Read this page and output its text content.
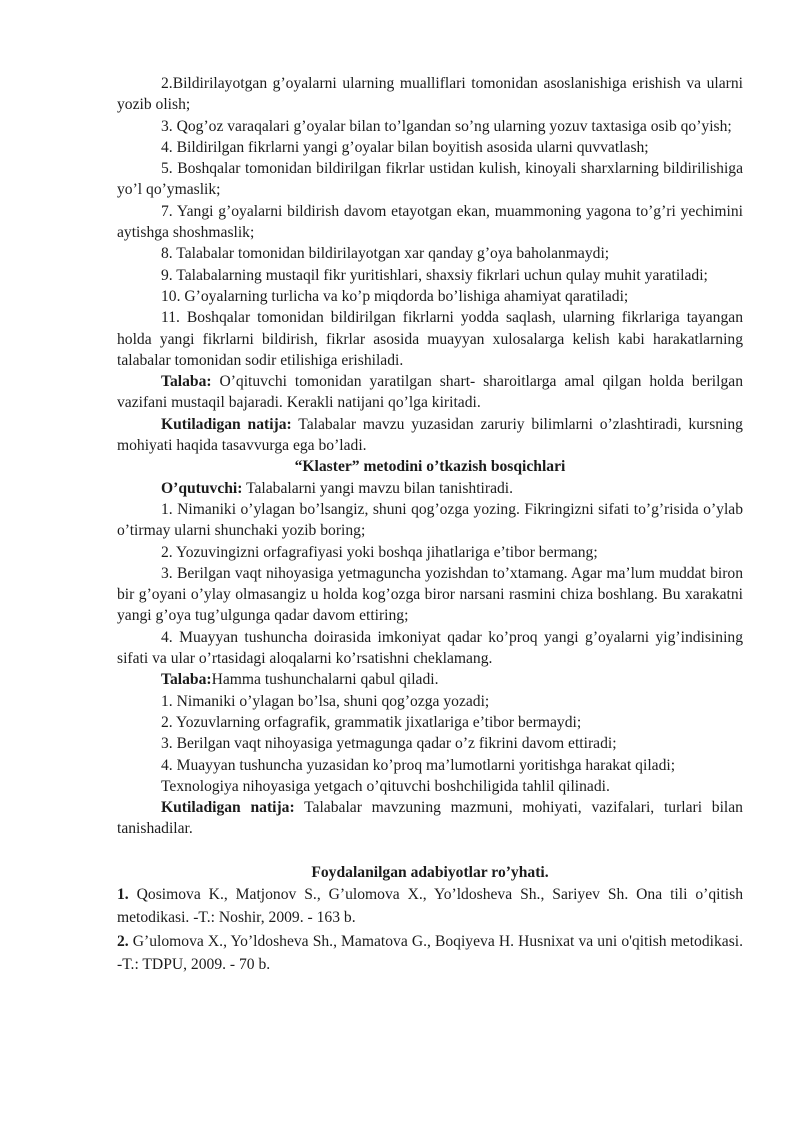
2.Bildirilayotgan g’oyalarni ularning mualliflari tomonidan asoslanishiga erishish va ularni yozib olish;

3. Qog’oz varaqalari g’oyalar bilan to’lgandan so’ng ularning yozuv taxtasiga osib qo’yish;

4. Bildirilgan fikrlarni yangi g’oyalar bilan boyitish asosida ularni quvvatlash;

5. Boshqalar tomonidan bildirilgan fikrlar ustidan kulish, kinoyali sharxlarning bildirilishiga yo’l qo’ymaslik;

7. Yangi g’oyalarni bildirish davom etayotgan ekan, muammoning yagona to’g’ri yechimini aytishga shoshmaslik;

8. Talabalar tomonidan bildirilayotgan xar qanday g’oya baholanmaydi;

9. Talabalarning mustaqil fikr yuritishlari, shaxsiy fikrlari uchun qulay muhit yaratiladi;

10. G’oyalarning turlicha va ko’p miqdorda bo’lishiga ahamiyat qaratiladi;

11. Boshqalar tomonidan bildirilgan fikrlarni yodda saqlash, ularning fikrlariga tayangan holda yangi fikrlarni bildirish, fikrlar asosida muayyan xulosalarga kelish kabi harakatlarning talabalar tomonidan sodir etilishiga erishiladi.

Talaba: O’qituvchi tomonidan yaratilgan shart- sharoitlarga amal qilgan holda berilgan vazifani mustaqil bajaradi. Kerakli natijani qo’lga kiritadi.

Kutiladigan natija: Talabalar mavzu yuzasidan zaruriy bilimlarni o’zlashtiradi, kursning mohiyati haqida tasavvurga ega bo’ladi.

“Klaster” metodini o’tkazish bosqichlari

O’qutuvchi: Talabalarni yangi mavzu bilan tanishtiradi.

1. Nimaniki o’ylagan bo’lsangiz, shuni qog’ozga yozing. Fikringizni sifati to’g’risida o’ylab o’tirmay ularni shunchaki yozib boring;

2. Yozuvingizni orfagrafiyasi yoki boshqa jihatlariga e’tibor bermang;

3. Berilgan vaqt nihoyasiga yetmaguncha yozishdan to’xtamang. Agar ma’lum muddat biron bir g’oyani o’ylay olmasangiz u holda kog’ozga biror narsani rasmini chiza boshlang. Bu xarakatni yangi g’oya tug’ulgunga qadar davom ettiring;

4. Muayyan tushuncha doirasida imkoniyat qadar ko’proq yangi g’oyalarni yig’indisining sifati va ular o’rtasidagi aloqalarni ko’rsatishni cheklamang.

Talaba:Hamma tushunchalarni qabul qiladi.

1. Nimaniki o’ylagan bo’lsa, shuni qog’ozga yozadi;

2. Yozuvlarning orfagrafik, grammatik jixatlariga e’tibor bermaydi;

3. Berilgan vaqt nihoyasiga yetmagunga qadar o’z fikrini davom ettiradi;

4. Muayyan tushuncha yuzasidan ko’proq ma’lumotlarni yoritishga harakat qiladi;

Texnologiya nihoyasiga yetgach o’qituvchi boshchiligida tahlil qilinadi.

Kutiladigan natija: Talabalar mavzuning mazmuni, mohiyati, vazifalari, turlari bilan tanishadilar.

Foydalanilgan adabiyotlar ro’yhati.

1. Qosimova K., Matjonov S., G’ulomova X., Yo’ldosheva Sh., Sariyev Sh. Ona tili o’qitish metodikasi. -T.: Noshir, 2009. - 163 b.

2. G’ulomova X., Yo’ldosheva Sh., Mamatova G., Boqiyeva H. Husnixat va uni o'qitish metodikasi. -T.: TDPU, 2009. - 70 b.
